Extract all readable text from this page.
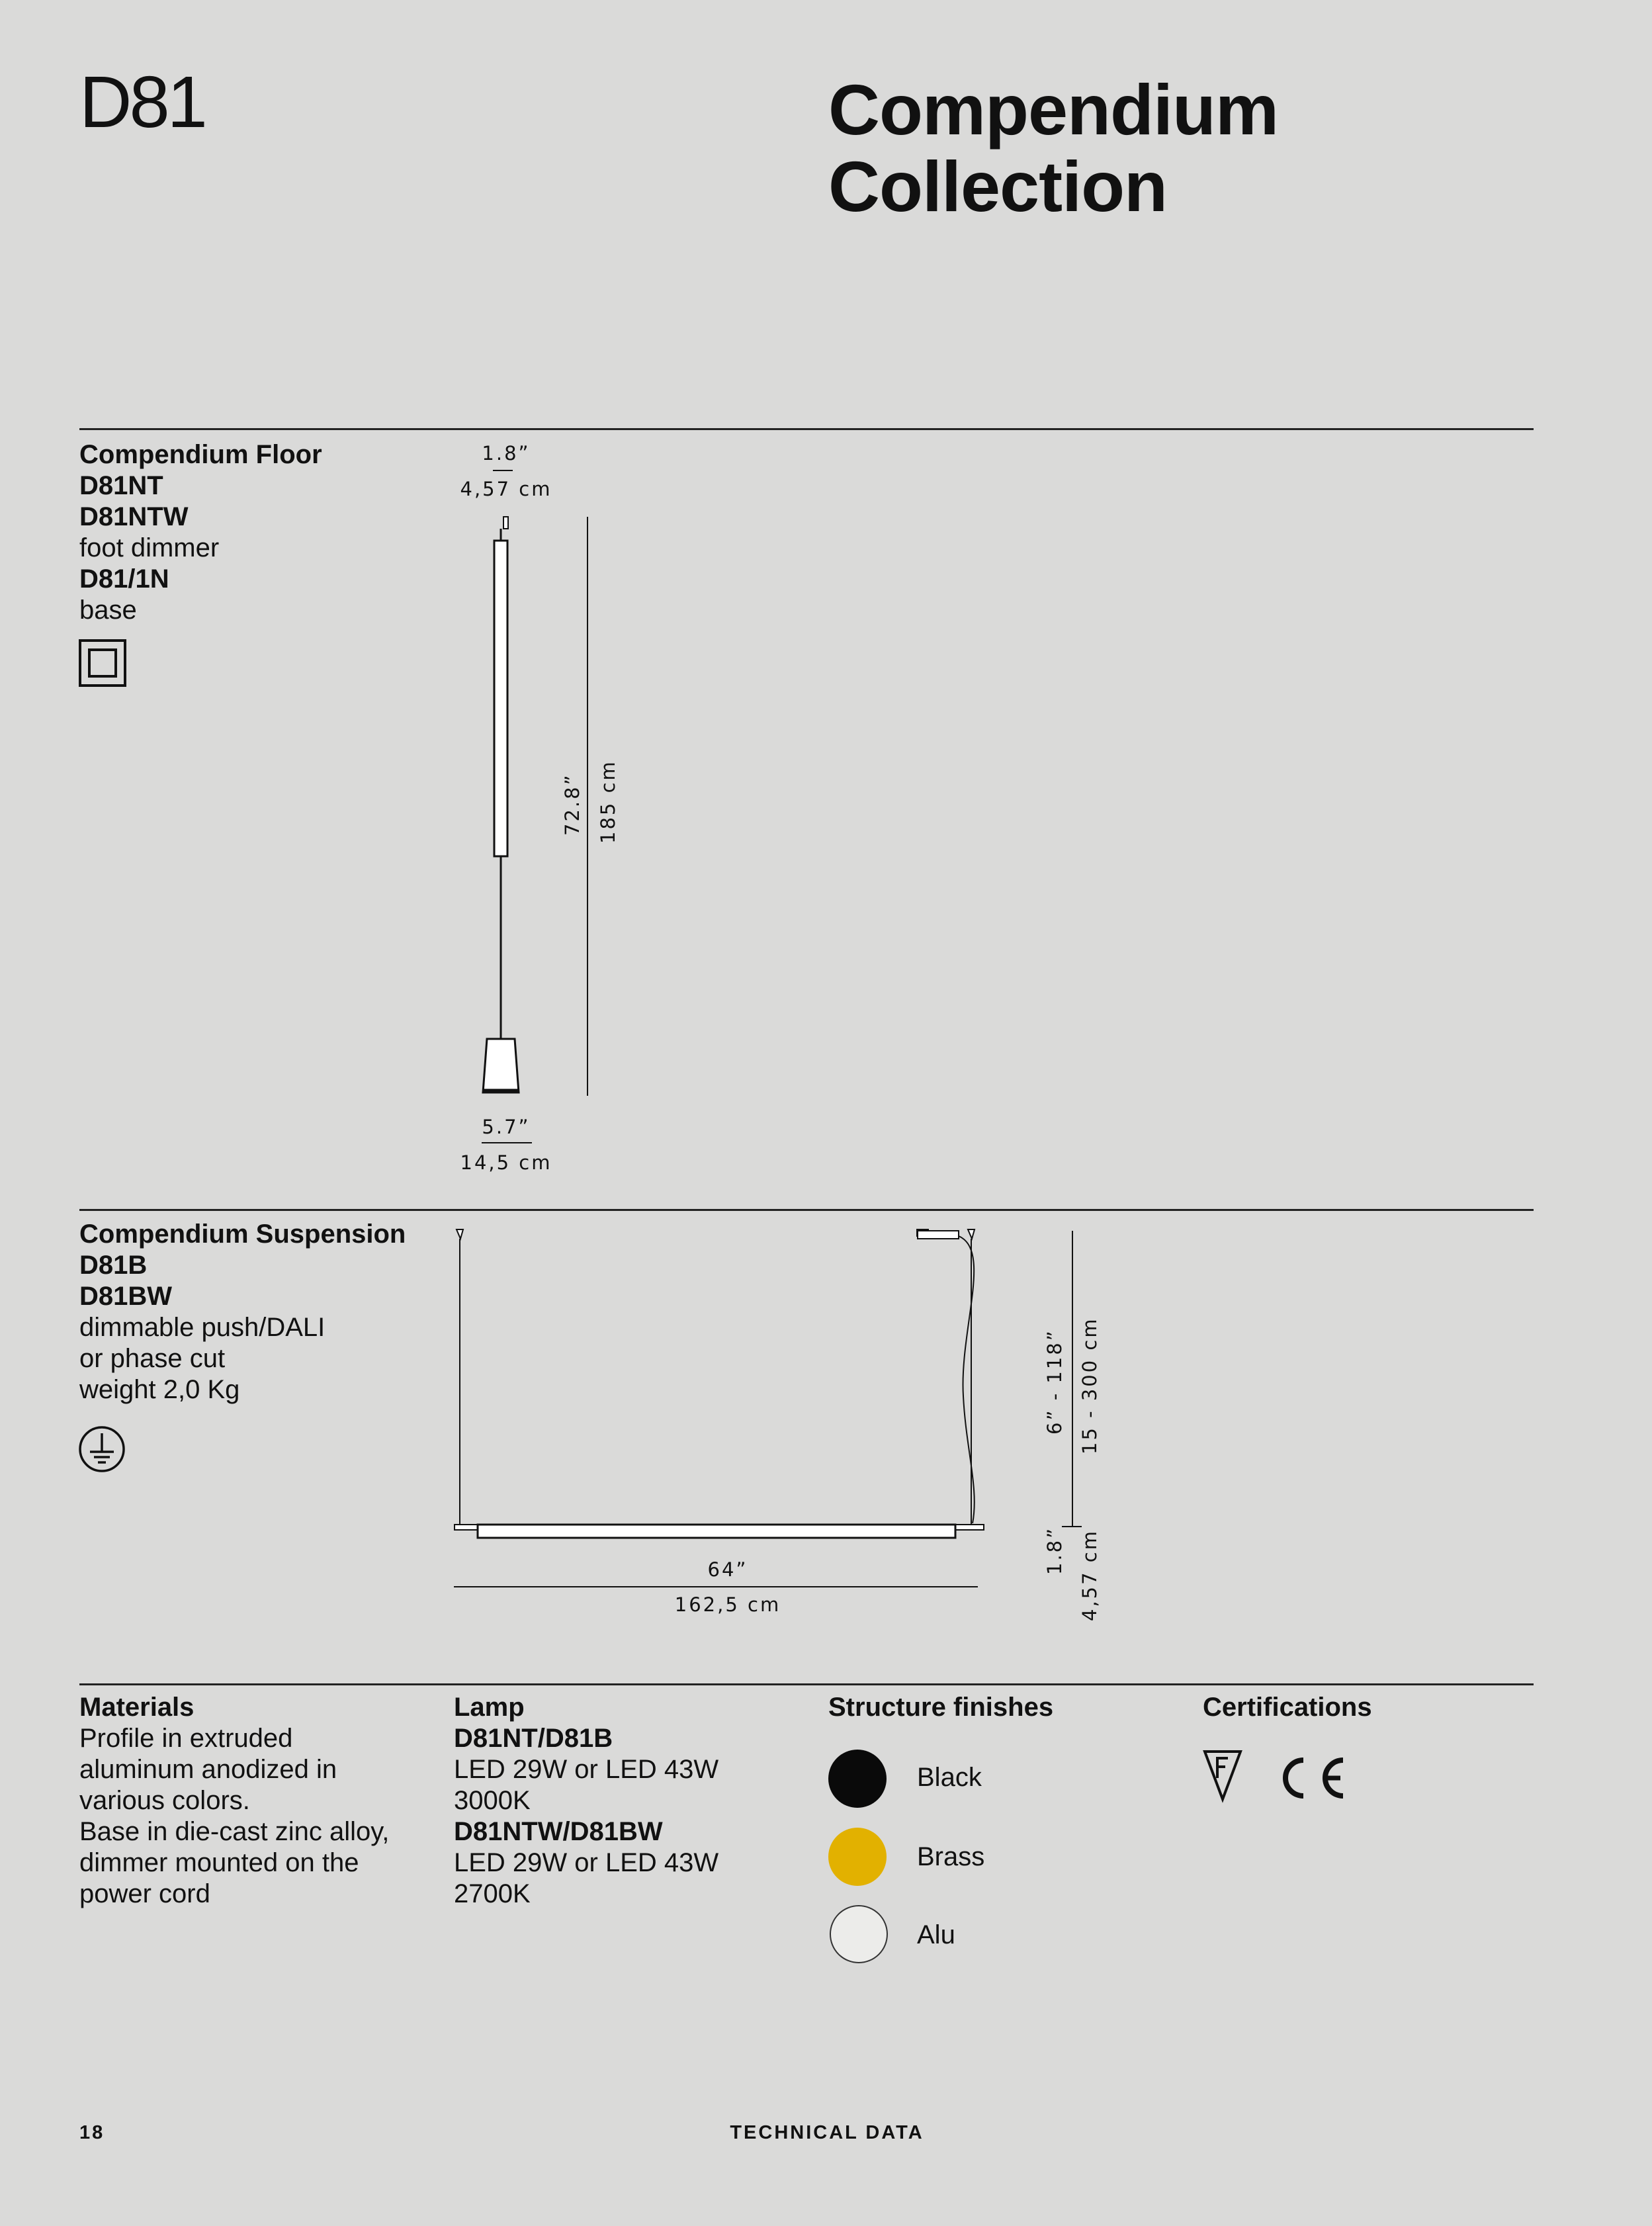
D81	Compendium
Collection
Compendium Floor
D81NT
D81NTW
foot dimmer
D81/1N
base
1.8”
4,57 cm
72.8” 185 cm
5.7”
14,5 cm
Compendium Suspension
D81B
D81BW
dimmable push/DALI
or phase cut
weight 2,0 Kg	6” - 118” 15 - 300 cm
1.8” 4,57 cm
64”
162,5 cm
Materials
Profile in extruded
aluminum anodized in
various colors.
Base in die-cast zinc alloy,
dimmer mounted on the
power cord
Lamp
D81NT/D81B
LED 29W or LED 43W
3000K
D81NTW/D81BW
LED 29W or LED 43W
2700K
Structure finishes
Black
Brass
Alu
Certifications
18	TECHNICAL DATA
